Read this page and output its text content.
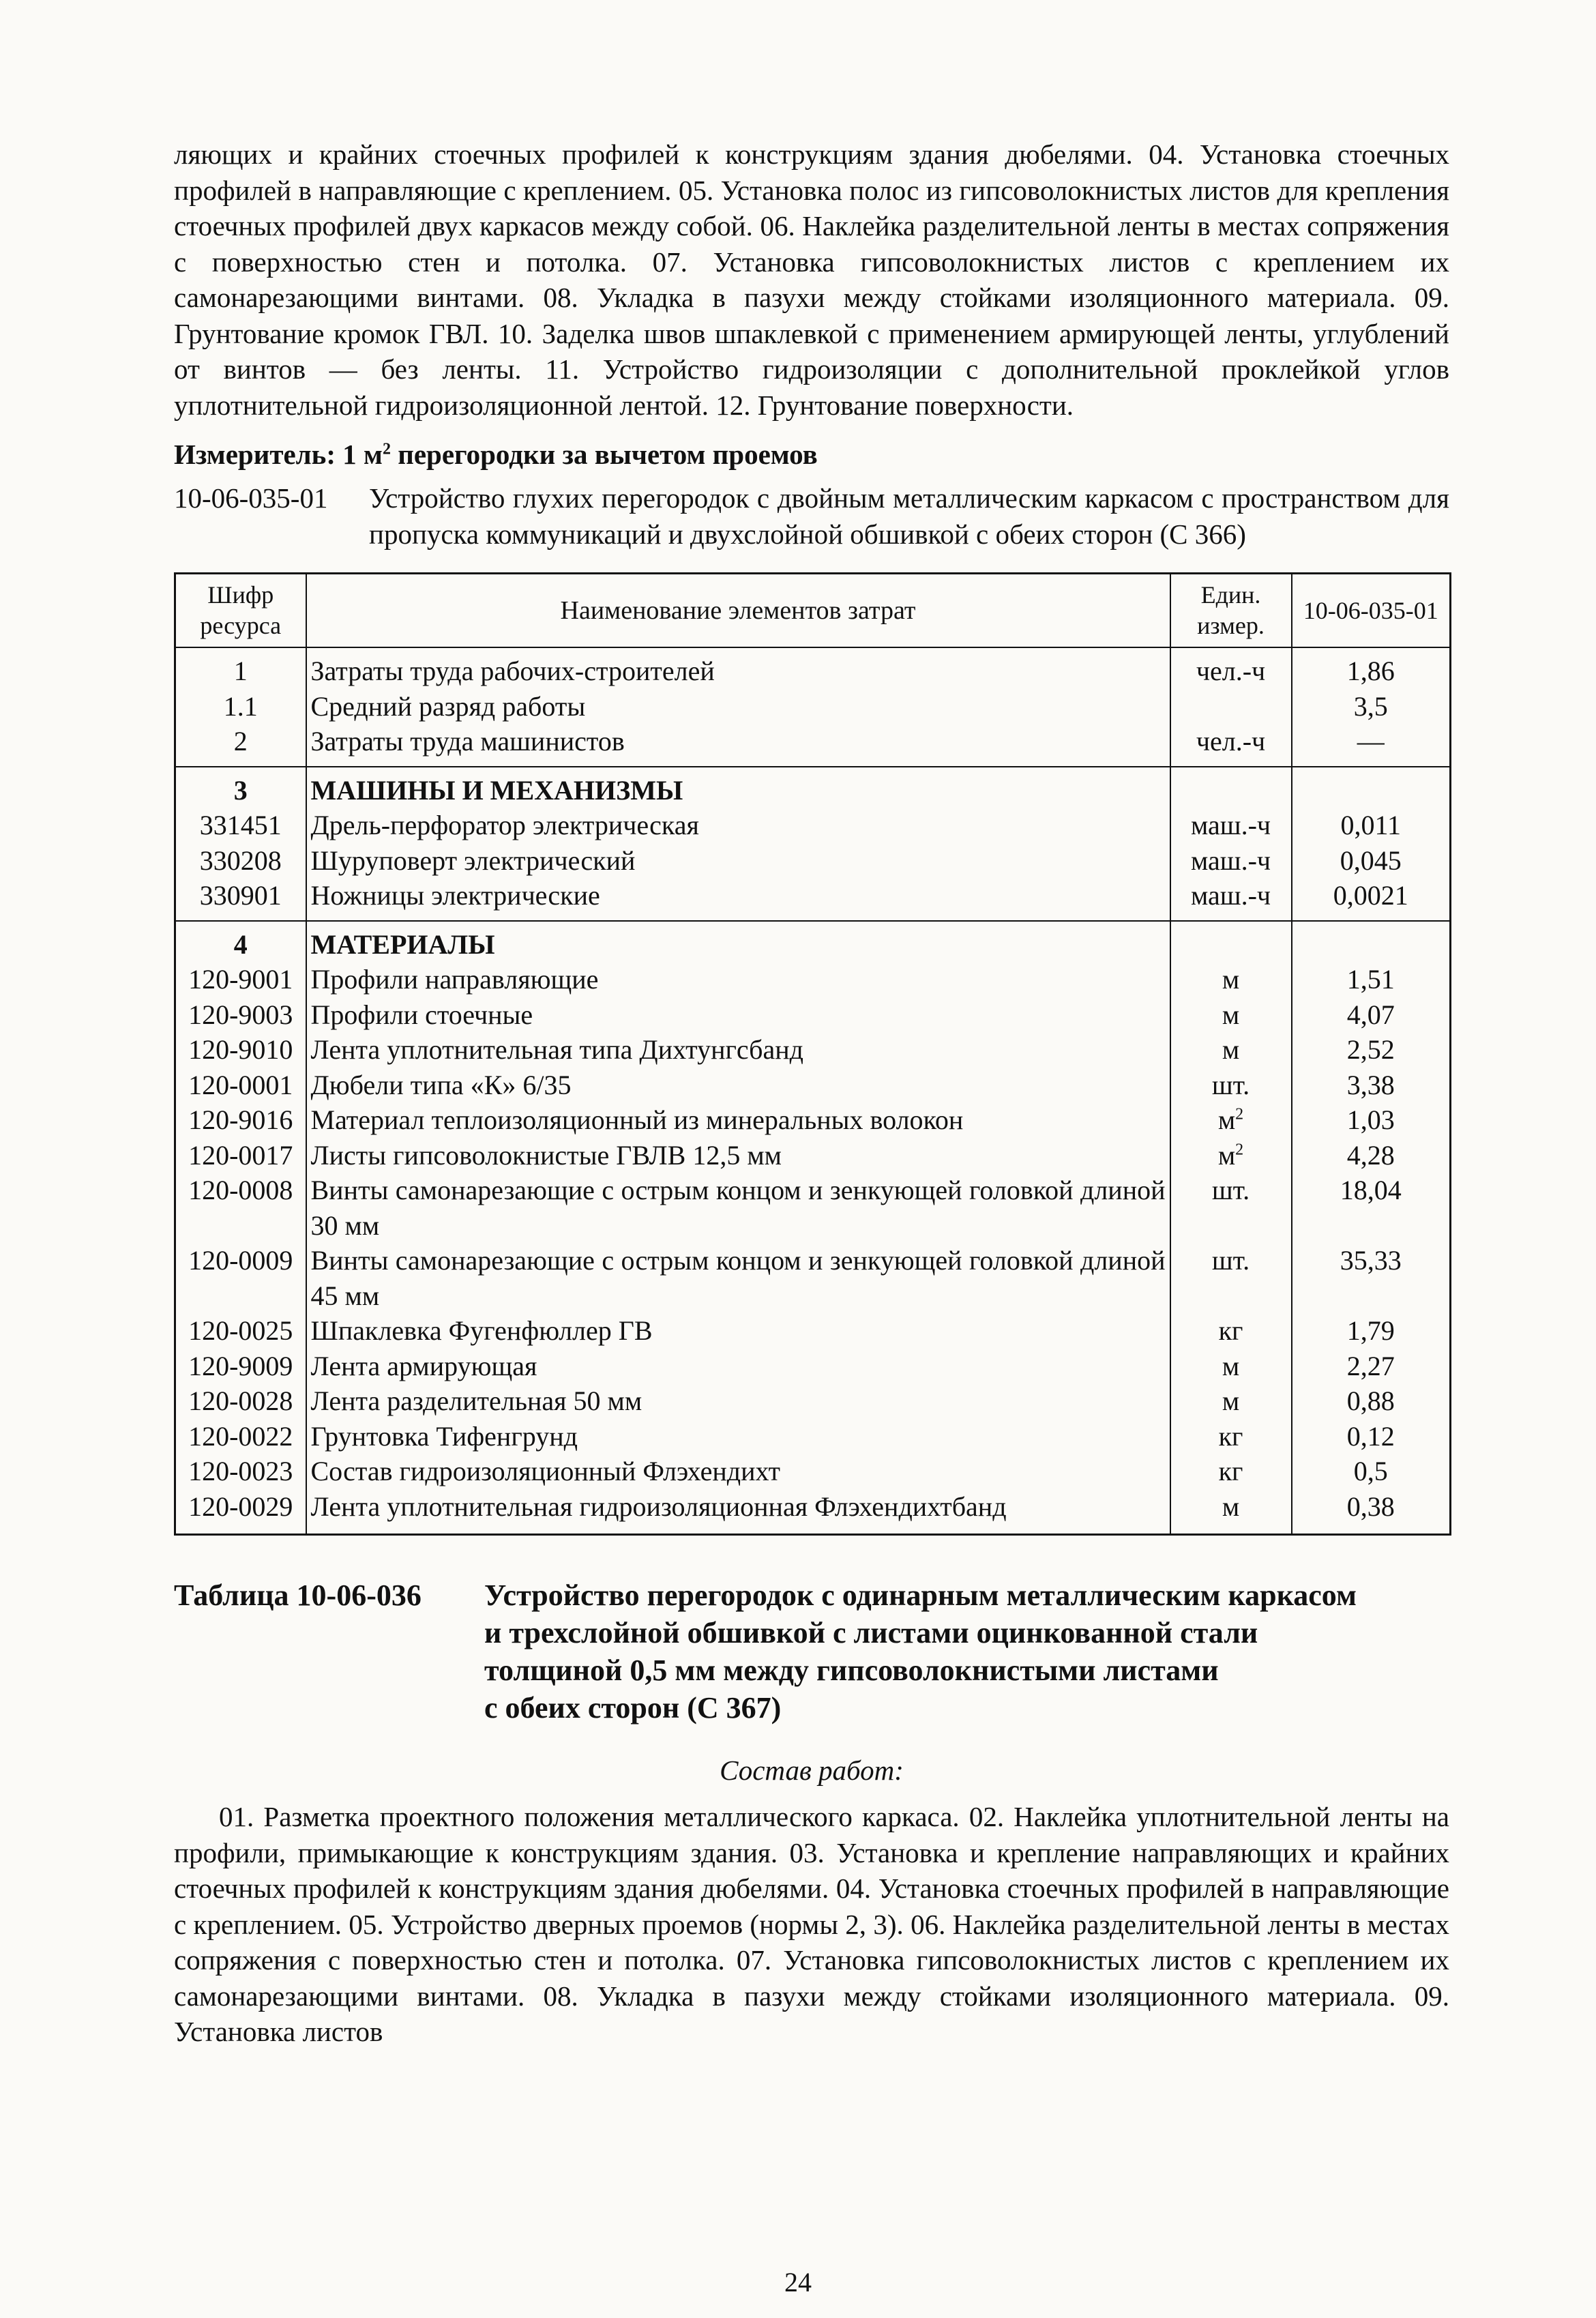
ляющих и крайних стоечных профилей к конструкциям здания дюбелями. 04. Установка стоечных профилей в направляющие с креплением. 05. Установка полос из гипсоволокнистых листов для крепления стоечных профилей двух каркасов между собой. 06. Наклейка разделительной ленты в местах сопряжения с поверхностью стен и потолка. 07. Установка гипсоволокнистых листов с креплением их самонарезающими винтами. 08. Укладка в пазухи между стойками изоляционного материала. 09. Грунтование кромок ГВЛ. 10. Заделка швов шпаклевкой с применением армирующей ленты, углублений от винтов — без ленты. 11. Устройство гидроизоляции с дополнительной проклейкой углов уплотнительной гидроизоляционной лентой. 12. Грунтование поверхности.

Измеритель: 1 $м^2$ перегородки за вычетом проемов

10-06-035-01	Устройство глухих перегородок с двойным металлическим каркасом с пространством для пропуска коммуникаций и двухслойной обшивкой с обеих сторон (С 366)
Шифр ресурса	Наименование элементов затрат	Един. измер.	10-06-035-01
1	Затраты труда рабочих-строителей	чел.-ч	1,86
1.1	Средний разряд работы		3,5
2	Затраты труда машинистов	чел.-ч	—
3	МАШИНЫ И МЕХАНИЗМЫ		
331451	Дрель-перфоратор электрическая	маш.-ч	0,011
330208	Шуруповерт электрический	маш.-ч	0,045
330901	Ножницы электрические	маш.-ч	0,0021
4	МАТЕРИАЛЫ		
120-9001	Профили направляющие	м	1,51
120-9003	Профили стоечные	м	4,07
120-9010	Лента уплотнительная типа Дихтунгсбанд	м	2,52
120-0001	Дюбели типа «К» 6/35	шт.	3,38
120-9016	Материал теплоизоляционный из минеральных волокон	$м^2$	1,03
120-0017	Листы гипсоволокнистые ГВЛВ 12,5 мм	$м^2$	4,28
120-0008	Винты самонарезающие с острым концом и зенкующей головкой длиной 30 мм	шт.	18,04
120-0009	Винты самонарезающие с острым концом и зенкующей головкой длиной 45 мм	шт.	35,33
120-0025	Шпаклевка Фугенфюллер ГВ	кг	1,79
120-9009	Лента армирующая	м	2,27
120-0028	Лента разделительная 50 мм	м	0,88
120-0022	Грунтовка Тифенгрунд	кг	0,12
120-0023	Состав гидроизоляционный Флэхендихт	кг	0,5
120-0029	Лента уплотнительная гидроизоляционная Флэхендихтбанд	м	0,38
Таблица 10-06-036	Устройство перегородок с одинарным металлическим каркасом
и трехслойной обшивкой с листами оцинкованной стали
толщиной 0,5 мм между гипсоволокнистыми листами
с обеих сторон (С 367)

Состав работ:

01. Разметка проектного положения металлического каркаса. 02. Наклейка уплотнительной ленты на профили, примыкающие к конструкциям здания. 03. Установка и крепление направляющих и крайних стоечных профилей к конструкциям здания дюбелями. 04. Установка стоечных профилей в направляющие с креплением. 05. Устройство дверных проемов (нормы 2, 3). 06. Наклейка разделительной ленты в местах сопряжения с поверхностью стен и потолка. 07. Установка гипсоволокнистых листов с креплением их самонарезающими винтами. 08. Укладка в пазухи между стойками изоляционного материала. 09. Установка листов

24
